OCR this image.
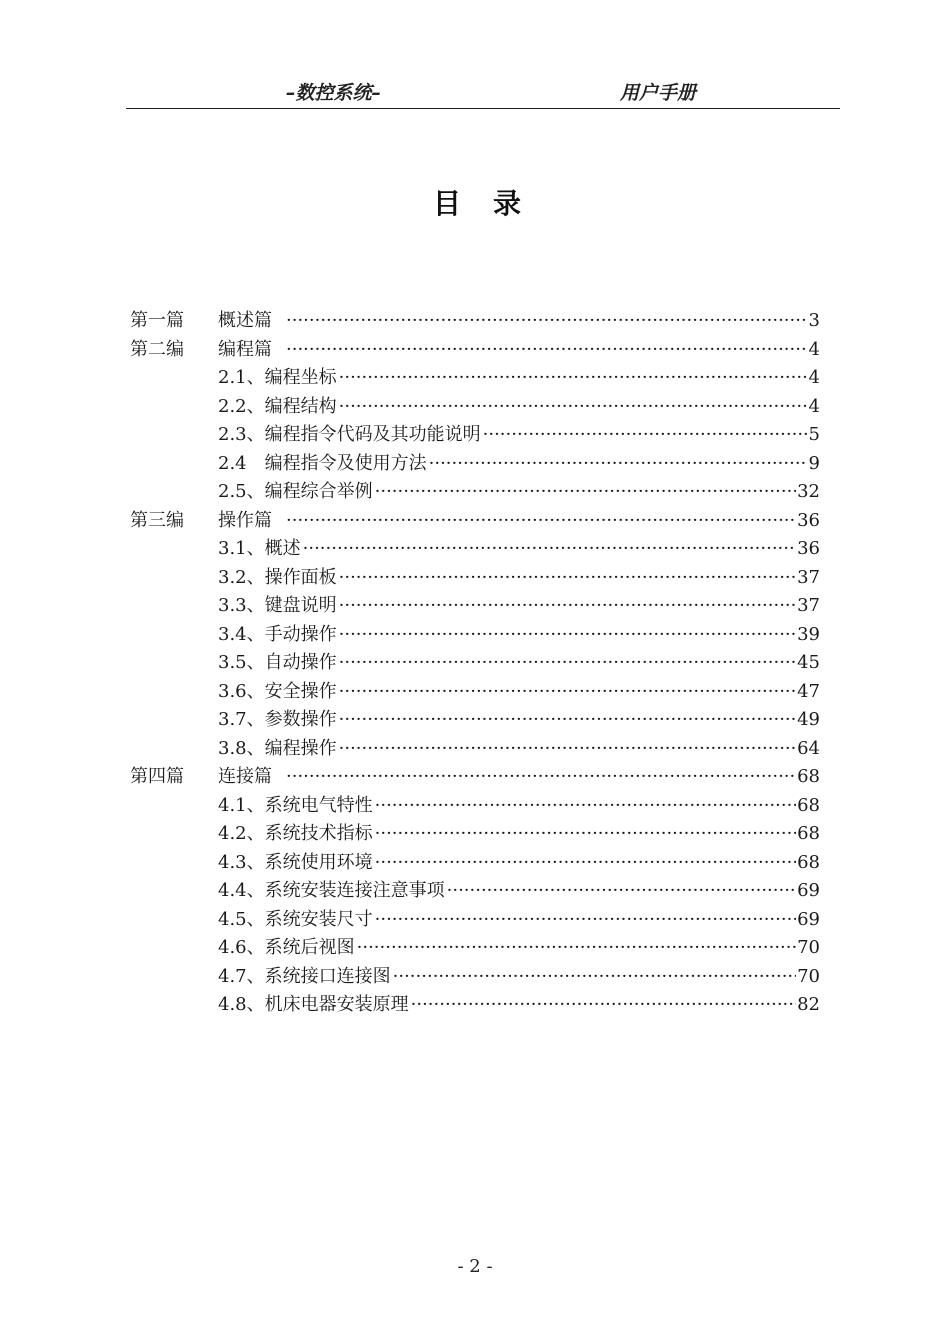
–数控系统–	用户手册
目录
第一篇	概述篇 ·····	3
第二编	编程篇 ·····	4
2.1、编程坐标 ·····	4
2.2、编程结构 ·····	4
2.3、编程指令代码及其功能说明 ·····	5
2.4　编程指令及使用方法 ·····	9
2.5、编程综合举例 ·····	32
第三编	操作篇 ·····	36
3.1、概述 ·····	36
3.2、操作面板 ·····	37
3.3、键盘说明 ·····	37
3.4、手动操作 ·····	39
3.5、自动操作 ·····	45
3.6、安全操作 ·····	47
3.7、参数操作 ·····	49
3.8、编程操作 ·····	64
第四篇	连接篇 ·····	68
4.1、系统电气特性 ·····	68
4.2、系统技术指标 ·····	68
4.3、系统使用环境 ·····	68
4.4、系统安装连接注意事项 ·····	69
4.5、系统安装尺寸 ·····	69
4.6、系统后视图 ·····	70
4.7、系统接口连接图 ·····	70
4.8、机床电器安装原理 ·····	82
- 2 -
